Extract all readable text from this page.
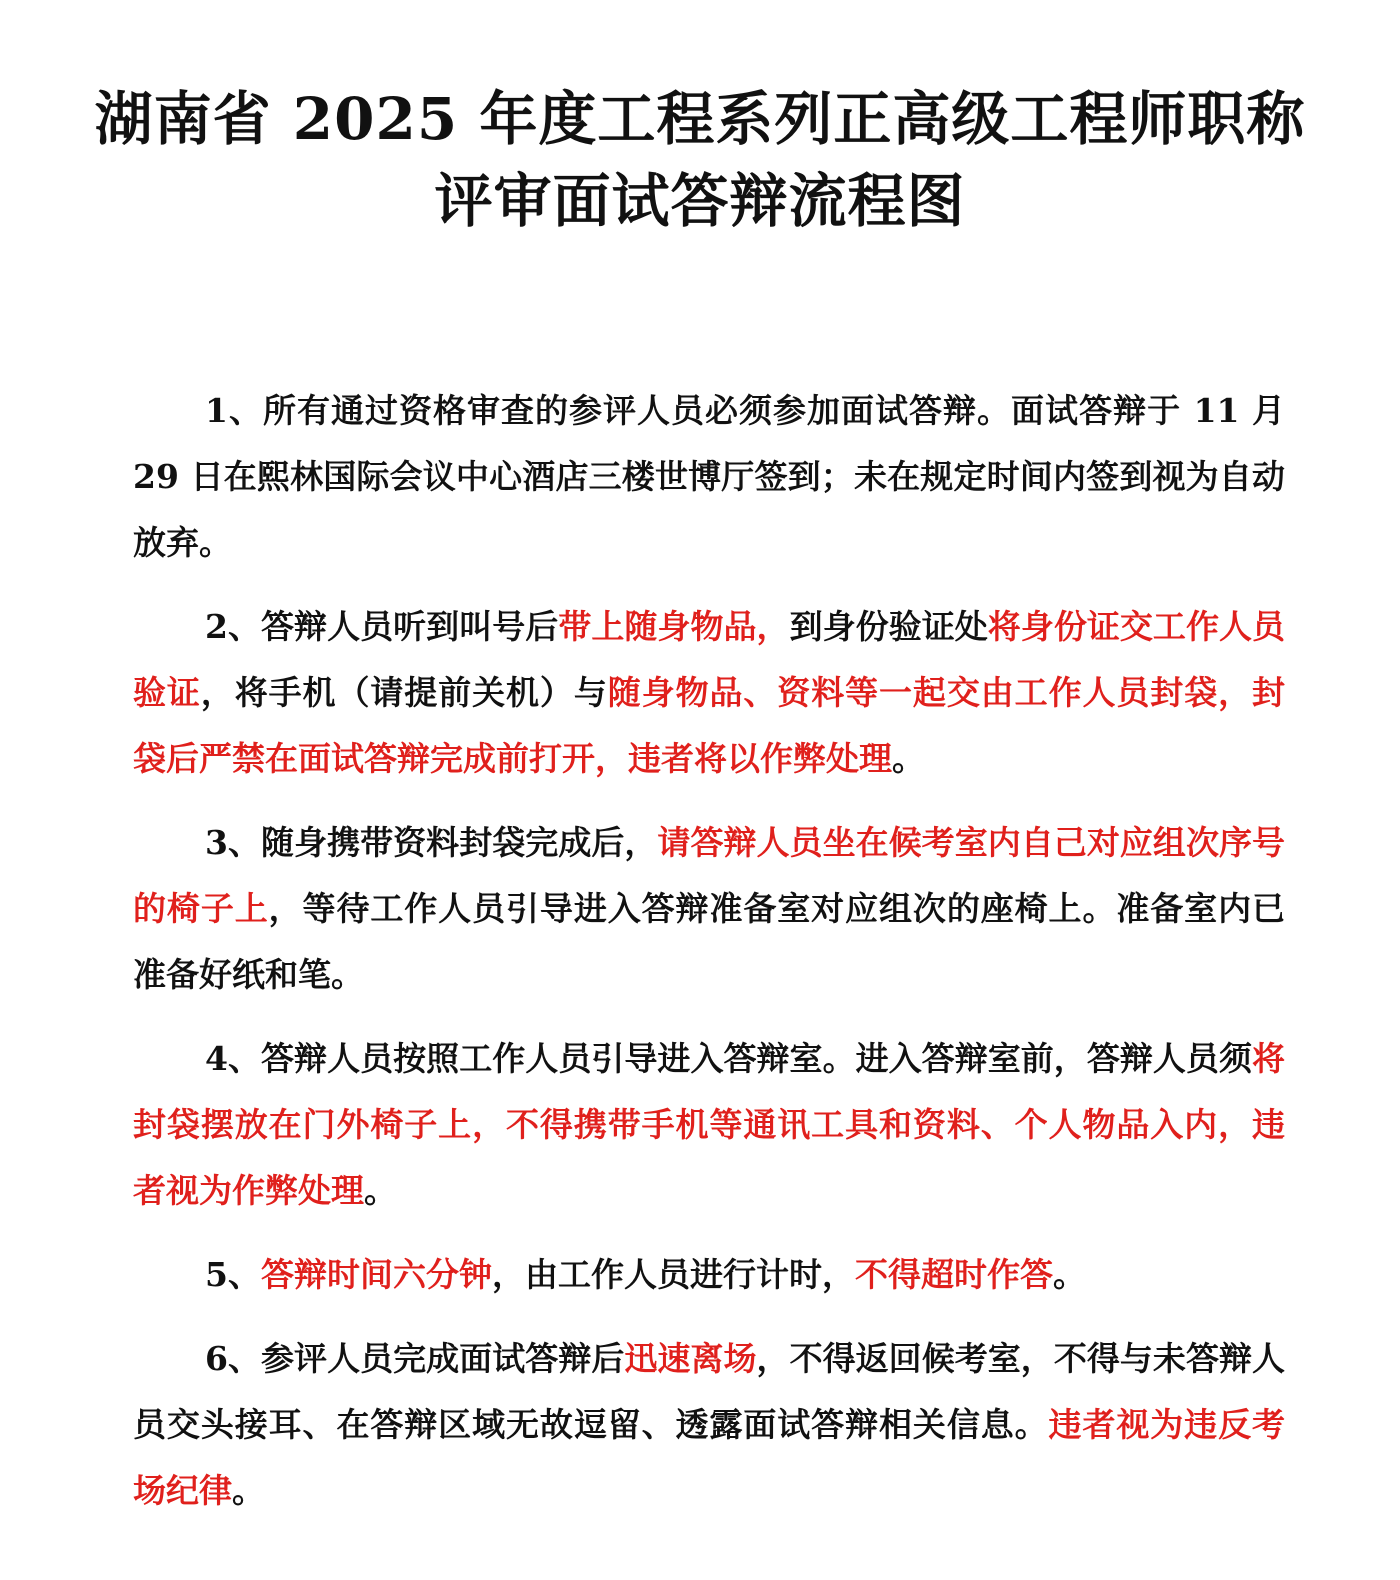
湖南省 2025 年度工程系列正高级工程师职称
评审面试答辩流程图

1、所有通过资格审查的参评人员必须参加面试答辩。面试答辩于 11 月 29 日在熙林国际会议中心酒店三楼世博厅签到；未在规定时间内签到视为自动放弃。

2、答辩人员听到叫号后带上随身物品，到身份验证处将身份证交工作人员验证，将手机（请提前关机）与随身物品、资料等一起交由工作人员封袋，封袋后严禁在面试答辩完成前打开，违者将以作弊处理。

3、随身携带资料封袋完成后，请答辩人员坐在候考室内自己对应组次序号的椅子上，等待工作人员引导进入答辩准备室对应组次的座椅上。准备室内已准备好纸和笔。

4、答辩人员按照工作人员引导进入答辩室。进入答辩室前，答辩人员须将封袋摆放在门外椅子上，不得携带手机等通讯工具和资料、个人物品入内，违者视为作弊处理。

5、答辩时间六分钟，由工作人员进行计时，不得超时作答。

6、参评人员完成面试答辩后迅速离场，不得返回候考室，不得与未答辩人员交头接耳、在答辩区域无故逗留、透露面试答辩相关信息。违者视为违反考场纪律。
